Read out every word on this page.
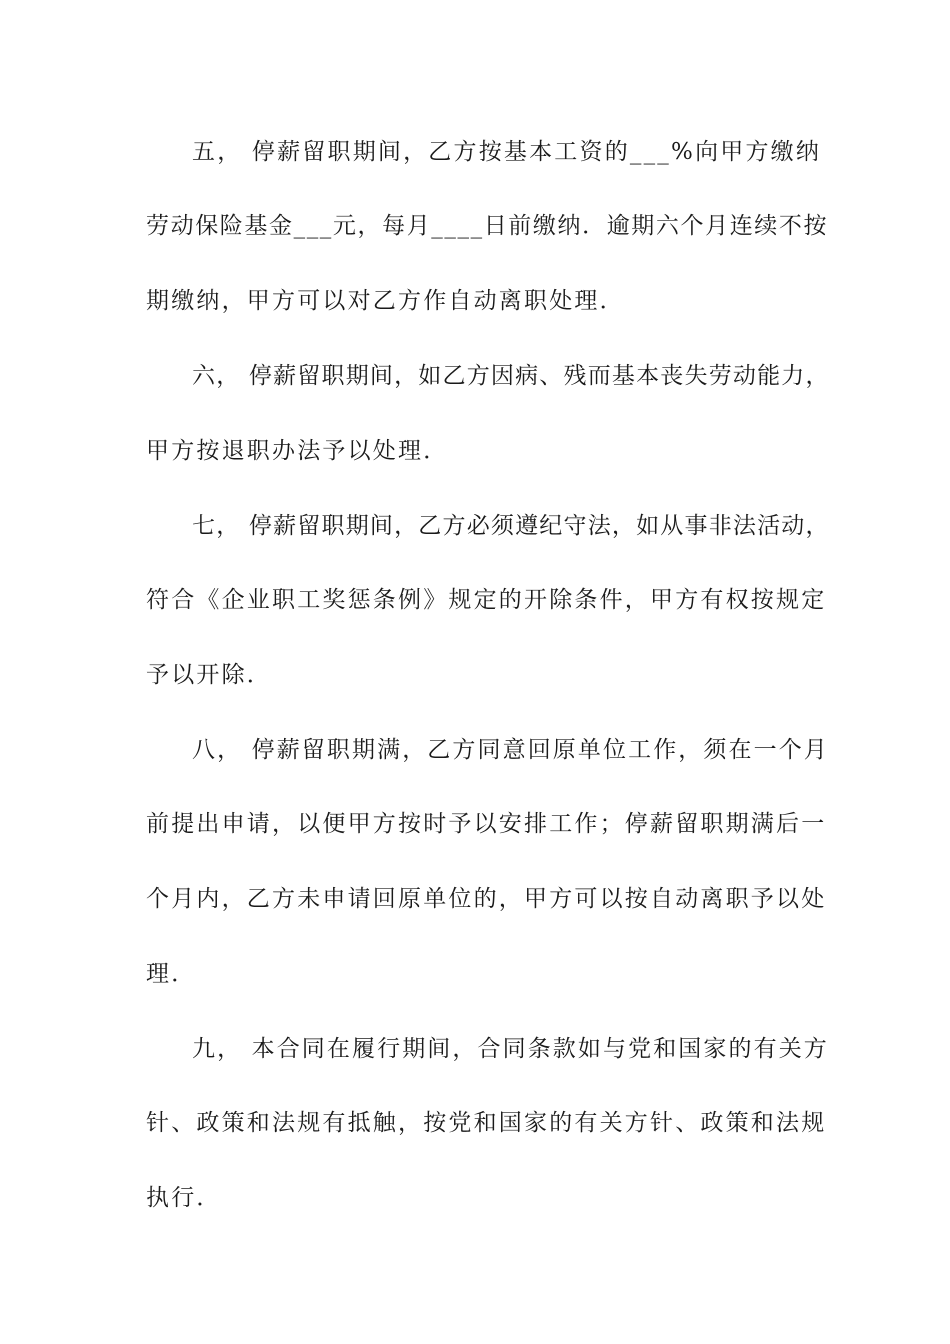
五， 停薪留职期间，乙方按基本工资的___%向甲方缴纳
劳动保险基金___元，每月____日前缴纳．逾期六个月连续不按
期缴纳，甲方可以对乙方作自动离职处理．
六， 停薪留职期间，如乙方因病、残而基本丧失劳动能力，
甲方按退职办法予以处理．
七， 停薪留职期间，乙方必须遵纪守法，如从事非法活动，
符合《企业职工奖惩条例》规定的开除条件，甲方有权按规定
予以开除．
八， 停薪留职期满，乙方同意回原单位工作，须在一个月
前提出申请，以便甲方按时予以安排工作；停薪留职期满后一
个月内，乙方未申请回原单位的，甲方可以按自动离职予以处
理．
九， 本合同在履行期间，合同条款如与党和国家的有关方
针、政策和法规有抵触，按党和国家的有关方针、政策和法规
执行．
